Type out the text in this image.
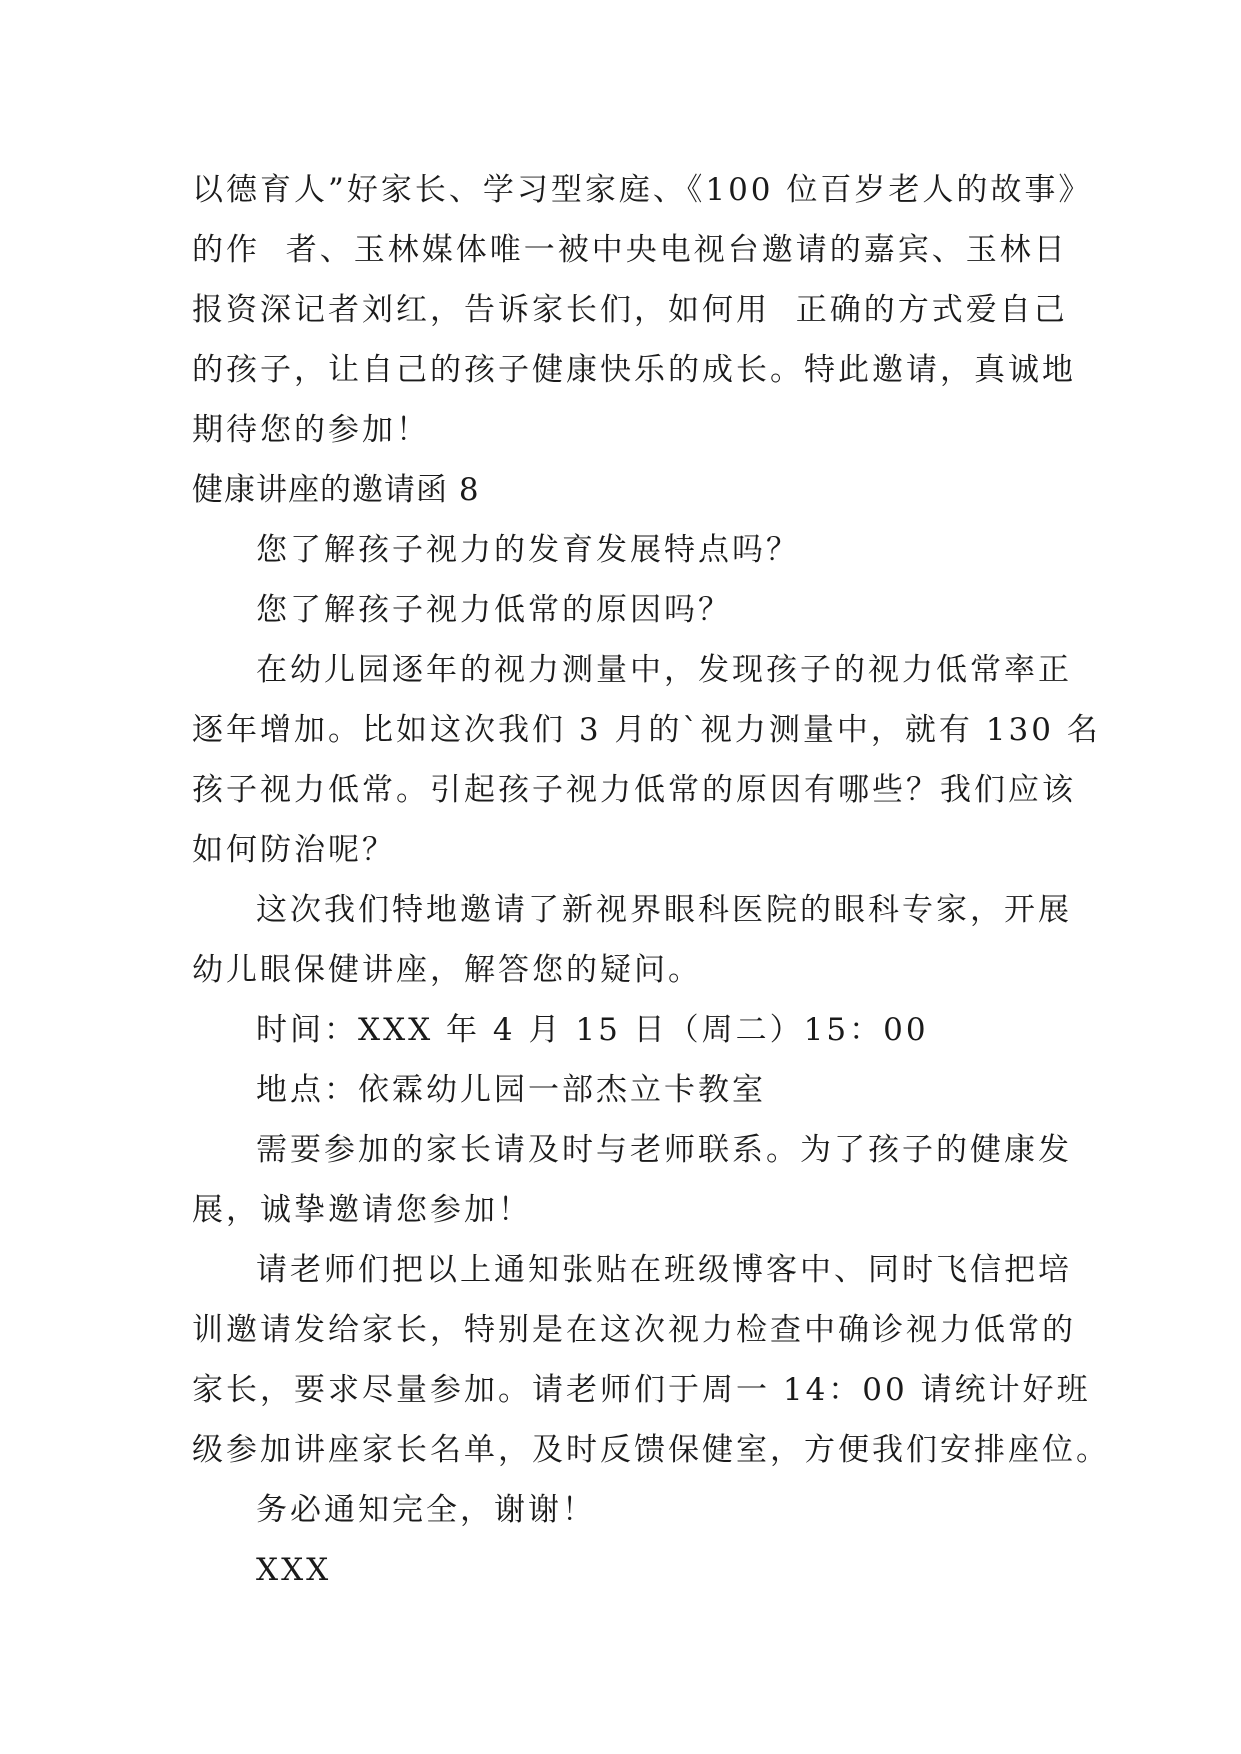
以德育人”好家长、学习型家庭、《100 位百岁老人的故事》
的作  者、玉林媒体唯一被中央电视台邀请的嘉宾、玉林日
报资深记者刘红，告诉家长们，如何用  正确的方式爱自己
的孩子，让自己的孩子健康快乐的成长。特此邀请，真诚地
期待您的参加！
健康讲座的邀请函 8
您了解孩子视力的发育发展特点吗？
您了解孩子视力低常的原因吗？
在幼儿园逐年的视力测量中，发现孩子的视力低常率正
逐年增加。比如这次我们 3 月的`视力测量中，就有 130 名
孩子视力低常。引起孩子视力低常的原因有哪些？我们应该
如何防治呢？
这次我们特地邀请了新视界眼科医院的眼科专家，开展
幼儿眼保健讲座，解答您的疑问。
时间：XXX 年 4 月 15 日（周二）15：00
地点：依霖幼儿园一部杰立卡教室
需要参加的家长请及时与老师联系。为了孩子的健康发
展，诚挚邀请您参加！
请老师们把以上通知张贴在班级博客中、同时飞信把培
训邀请发给家长，特别是在这次视力检查中确诊视力低常的
家长，要求尽量参加。请老师们于周一 14：00 请统计好班
级参加讲座家长名单，及时反馈保健室，方便我们安排座位。
务必通知完全，谢谢！
XXX
